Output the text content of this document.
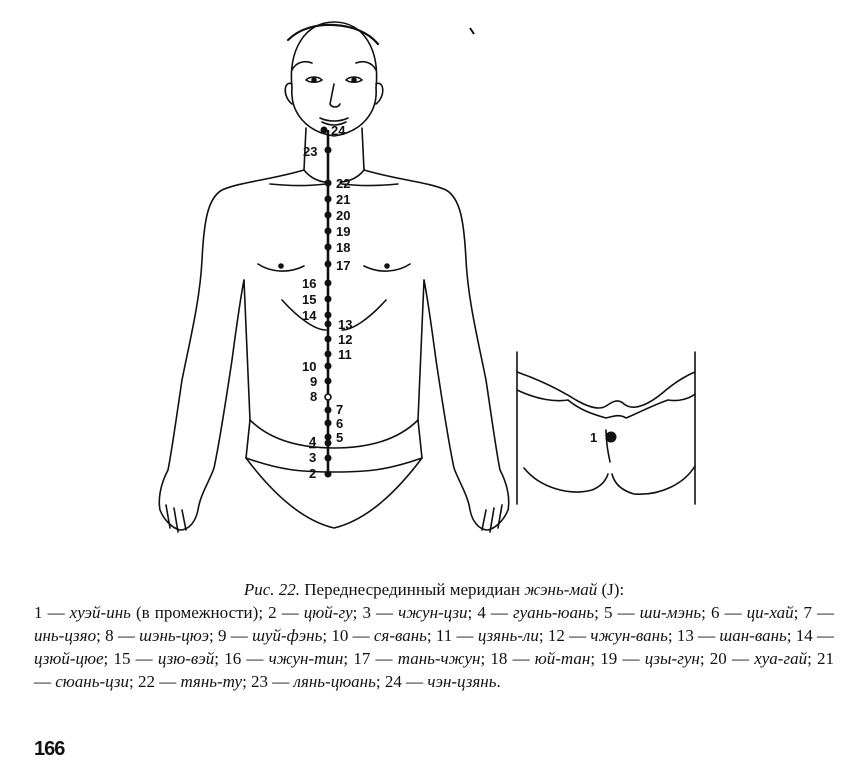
24
23
22
21
20
19
18
17
16
15
14
13
12
11
10
9
8
7
6
5
4
3
2
1
Рис. 22. Переднесрединный меридиан жэнь-май (J):
1 — хуэй-инь (в промежности); 2 — цюй-гу; 3 — чжун-цзи; 4 — гуань-юань; 5 — ши-мэнь; 6 — ци-хай; 7 — инь-цзяо; 8 — шэнь-цюэ; 9 — шуй-фэнь; 10 — ся-вань; 11 — цзянь-ли; 12 — чжун-вань; 13 — шан-вань; 14 — цзюй-цюе; 15 — цзю-вэй; 16 — чжун-тин; 17 — тань-чжун; 18 — юй-тан; 19 — цзы-гун; 20 — хуа-гай; 21 — сюань-цзи; 22 — тянь-ту; 23 — лянь-цюань; 24 — чэн-цзянь.
166
